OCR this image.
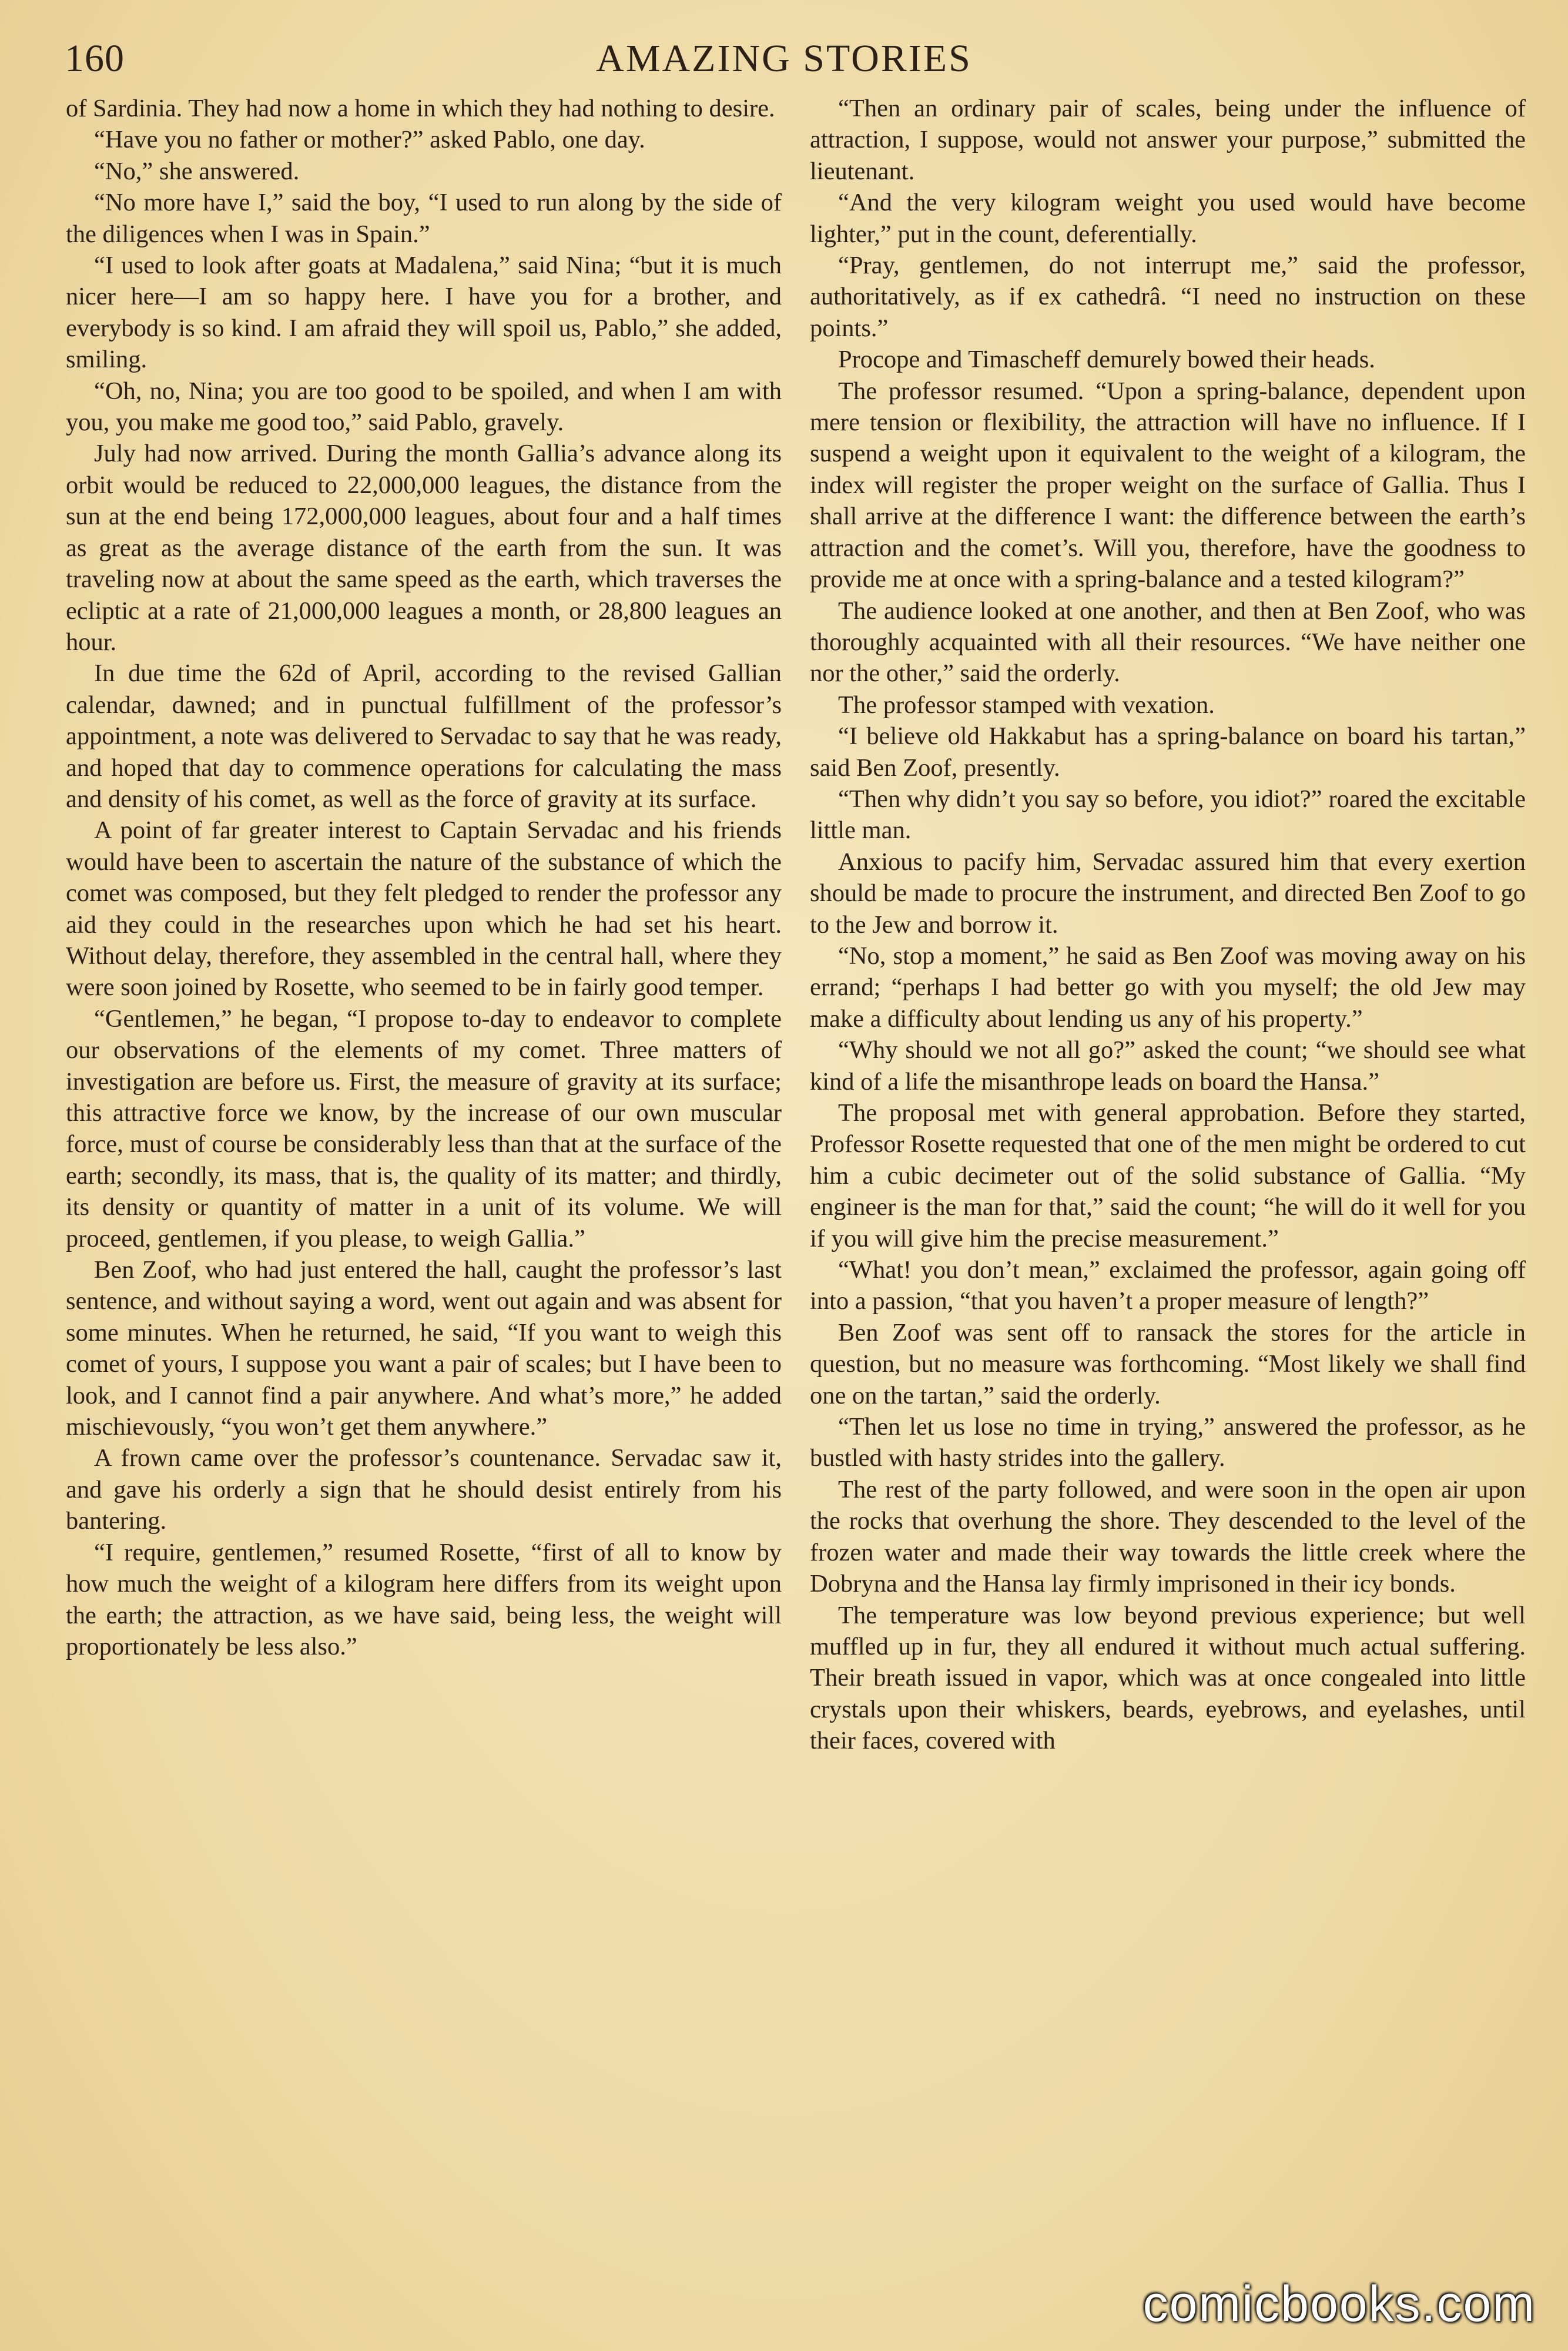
160	AMAZING STORIES

of Sardinia. They had now a home in which they had nothing to desire.

“Have you no father or mother?” asked Pablo, one day.

“No,” she answered.

“No more have I,” said the boy, “I used to run along by the side of the diligences when I was in Spain.”

“I used to look after goats at Madalena,” said Nina; “but it is much nicer here—I am so happy here. I have you for a brother, and everybody is so kind. I am afraid they will spoil us, Pablo,” she added, smiling.

“Oh, no, Nina; you are too good to be spoiled, and when I am with you, you make me good too,” said Pablo, gravely.

July had now arrived. During the month Gallia’s advance along its orbit would be reduced to 22,000,000 leagues, the distance from the sun at the end being 172,000,000 leagues, about four and a half times as great as the average distance of the earth from the sun. It was traveling now at about the same speed as the earth, which traverses the ecliptic at a rate of 21,000,000 leagues a month, or 28,800 leagues an hour.

In due time the 62d of April, according to the revised Gallian calendar, dawned; and in punctual fulfillment of the professor’s appointment, a note was delivered to Servadac to say that he was ready, and hoped that day to commence operations for calculating the mass and density of his comet, as well as the force of gravity at its surface.

A point of far greater interest to Captain Servadac and his friends would have been to ascertain the nature of the substance of which the comet was composed, but they felt pledged to render the professor any aid they could in the researches upon which he had set his heart. Without delay, therefore, they assembled in the central hall, where they were soon joined by Rosette, who seemed to be in fairly good temper.

“Gentlemen,” he began, “I propose to-day to endeavor to complete our observations of the elements of my comet. Three matters of investigation are before us. First, the measure of gravity at its surface; this attractive force we know, by the increase of our own muscular force, must of course be considerably less than that at the surface of the earth; secondly, its mass, that is, the quality of its matter; and thirdly, its density or quantity of matter in a unit of its volume. We will proceed, gentlemen, if you please, to weigh Gallia.”

Ben Zoof, who had just entered the hall, caught the professor’s last sentence, and without saying a word, went out again and was absent for some minutes. When he returned, he said, “If you want to weigh this comet of yours, I suppose you want a pair of scales; but I have been to look, and I cannot find a pair anywhere. And what’s more,” he added mischievously, “you won’t get them anywhere.”

A frown came over the professor’s countenance. Servadac saw it, and gave his orderly a sign that he should desist entirely from his bantering.

“I require, gentlemen,” resumed Rosette, “first of all to know by how much the weight of a kilogram here differs from its weight upon the earth; the attraction, as we have said, being less, the weight will proportionately be less also.”

“Then an ordinary pair of scales, being under the influence of attraction, I suppose, would not answer your purpose,” submitted the lieutenant.

“And the very kilogram weight you used would have become lighter,” put in the count, deferentially.

“Pray, gentlemen, do not interrupt me,” said the professor, authoritatively, as if ex cathedrâ. “I need no instruction on these points.”

Procope and Timascheff demurely bowed their heads.

The professor resumed. “Upon a spring-balance, dependent upon mere tension or flexibility, the attraction will have no influence. If I suspend a weight upon it equivalent to the weight of a kilogram, the index will register the proper weight on the surface of Gallia. Thus I shall arrive at the difference I want: the difference between the earth’s attraction and the comet’s. Will you, therefore, have the goodness to provide me at once with a spring-balance and a tested kilogram?”

The audience looked at one another, and then at Ben Zoof, who was thoroughly acquainted with all their resources. “We have neither one nor the other,” said the orderly.

The professor stamped with vexation.

“I believe old Hakkabut has a spring-balance on board his tartan,” said Ben Zoof, presently.

“Then why didn’t you say so before, you idiot?” roared the excitable little man.

Anxious to pacify him, Servadac assured him that every exertion should be made to procure the instrument, and directed Ben Zoof to go to the Jew and borrow it.

“No, stop a moment,” he said as Ben Zoof was moving away on his errand; “perhaps I had better go with you myself; the old Jew may make a difficulty about lending us any of his property.”

“Why should we not all go?” asked the count; “we should see what kind of a life the misanthrope leads on board the Hansa.”

The proposal met with general approbation. Before they started, Professor Rosette requested that one of the men might be ordered to cut him a cubic decimeter out of the solid substance of Gallia. “My engineer is the man for that,” said the count; “he will do it well for you if you will give him the precise measurement.”

“What! you don’t mean,” exclaimed the professor, again going off into a passion, “that you haven’t a proper measure of length?”

Ben Zoof was sent off to ransack the stores for the article in question, but no measure was forthcoming. “Most likely we shall find one on the tartan,” said the orderly.

“Then let us lose no time in trying,” answered the professor, as he bustled with hasty strides into the gallery.

The rest of the party followed, and were soon in the open air upon the rocks that overhung the shore. They descended to the level of the frozen water and made their way towards the little creek where the Dobryna and the Hansa lay firmly imprisoned in their icy bonds.

The temperature was low beyond previous experience; but well muffled up in fur, they all endured it without much actual suffering. Their breath issued in vapor, which was at once congealed into little crystals upon their whiskers, beards, eyebrows, and eyelashes, until their faces, covered with

comicbooks.com
